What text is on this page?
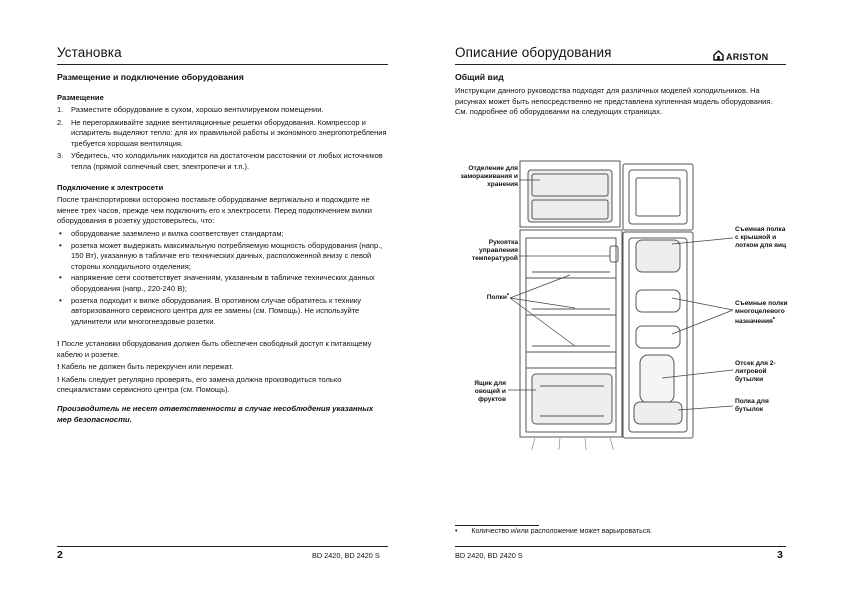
Установка
Размещение и подключение оборудования
Размещение
1. Разместите оборудование в сухом, хорошо вентилируемом помещении.
2. Не перегораживайте задние вентиляционные решетки оборудования. Компрессор и испаритель выделяют тепло: для их правильной работы и экономного энергопотребления требуется хорошая вентиляция.
3. Убедитесь, что холодильник находится на достаточном расстоянии от любых источников тепла (прямой солнечный свет, электропечи и т.п.).
Подключение к электросети
После транспортировки осторожно поставьте оборудование вертикально и подождите не менее трех часов, прежде чем подключить его к электросети. Перед подключением вилки оборудования в розетку удостоверьтесь, что:
• оборудование заземлено и вилка соответствует стандартам;
• розетка может выдержать максимальную потребляемую мощность оборудования (напр., 150 Вт), указанную в табличке его технических данных, расположенной внизу с левой стороны холодильного отделения;
• напряжение сети соответствует значениям, указанным в табличке технических данных оборудования (напр., 220-240 В);
• розетка подходит к вилке оборудования. В противном случае обратитесь к технику авторизованного сервисного центра для ее замены (см. Помощь). Не используйте удлинители или многогнездовые розетки.

! После установки оборудования должен быть обеспечен свободный доступ к питающему кабелю и розетке.

! Кабель не должен быть перекручен или пережат.

! Кабель следует регулярно проверять, его замена должна производиться только специалистами сервисного центра (см. Помощь).

Производитель не несет ответственности в случае несоблюдения указанных мер безопасности.
2	BD 2420, BD 2420 S
Описание оборудования	ARISTON
Общий вид
Инструкции данного руководства подходят для различных моделей холодильников. На рисунках может быть непосредственно не представлена купленная модель оборудования. См. подробнее об оборудовании на следующих страницах.
Отделение для замораживания и хранения
Рукоятка управления температурой
Полки•
Ящик для овощей и фруктов
Съемная полка с крышкой и лотком для яиц
Съемные полки многоцелевого назначения•
Отсек для 2-литровой бутылки
Полка для бутылок
• Количество и/или расположение может варьироваться.
BD 2420, BD 2420 S	3
